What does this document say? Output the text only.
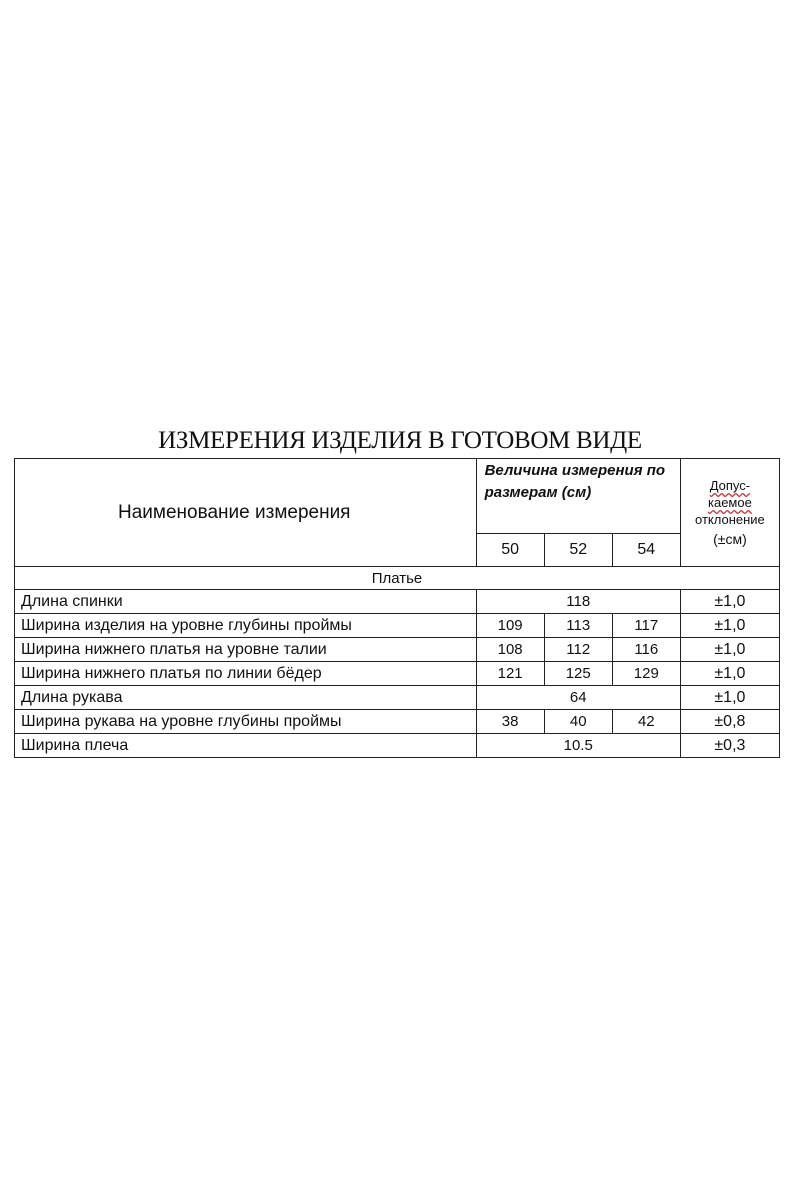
ИЗМЕРЕНИЯ ИЗДЕЛИЯ В ГОТОВОМ ВИДЕ
Наименование измерения	Величина измерения по размерам (см)			Допус-
каемое
отклонение
(±см)

	50	52	54	
Платье				
Длина спинки	118			±1,0
Ширина изделия на уровне глубины проймы	109	113	117	±1,0
Ширина нижнего платья на уровне талии	108	112	116	±1,0
Ширина нижнего платья по линии бёдер	121	125	129	±1,0
Длина рукава	64			±1,0
Ширина рукава на уровне глубины проймы	38	40	42	±0,8
Ширина плеча	10.5			±0,3
